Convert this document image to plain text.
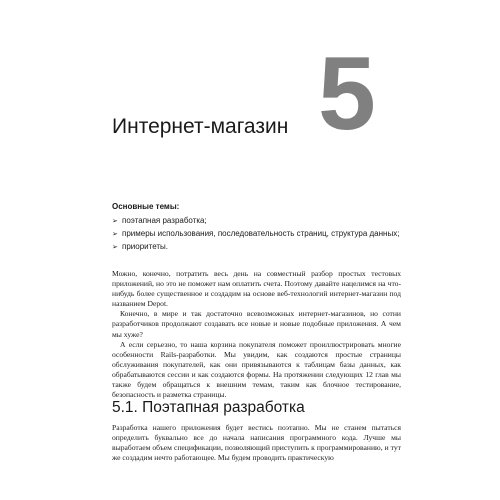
5
Интернет-магазин

Основные темы:

➢ поэтапная разработка;
➢ примеры использования, последовательность страниц, структура данных;
➢ приоритеты.

Можно, конечно, потратить весь день на совместный разбор простых тестовых приложений, но это не поможет нам оплатить счета. Поэтому давайте нацелимся на что-нибудь более существенное и создадим на основе веб-технологий интернет-магазин под названием Depot.

Конечно, в мире и так достаточно всевозможных интернет-магазинов, но сотни разработчиков продолжают создавать все новые и новые подобные приложения. А чем мы хуже?

А если серьезно, то наша корзина покупателя поможет проиллюстрировать многие особенности Rails-разработки. Мы увидим, как создаются простые страницы обслуживания покупателей, как они привязываются к таблицам базы данных, как обрабатываются сессии и как создаются формы. На протяжении следующих 12 глав мы также будем обращаться к внешним темам, таким как блочное тестирование, безопасность и разметка страницы.

5.1. Поэтапная разработка

Разработка нашего приложения будет вестись поэтапно. Мы не станем пытаться определить буквально все до начала написания программного кода. Лучше мы выработаем объем спецификации, позволяющий приступить к программированию, и тут же создадим нечто работающее. Мы будем проводить практическую
